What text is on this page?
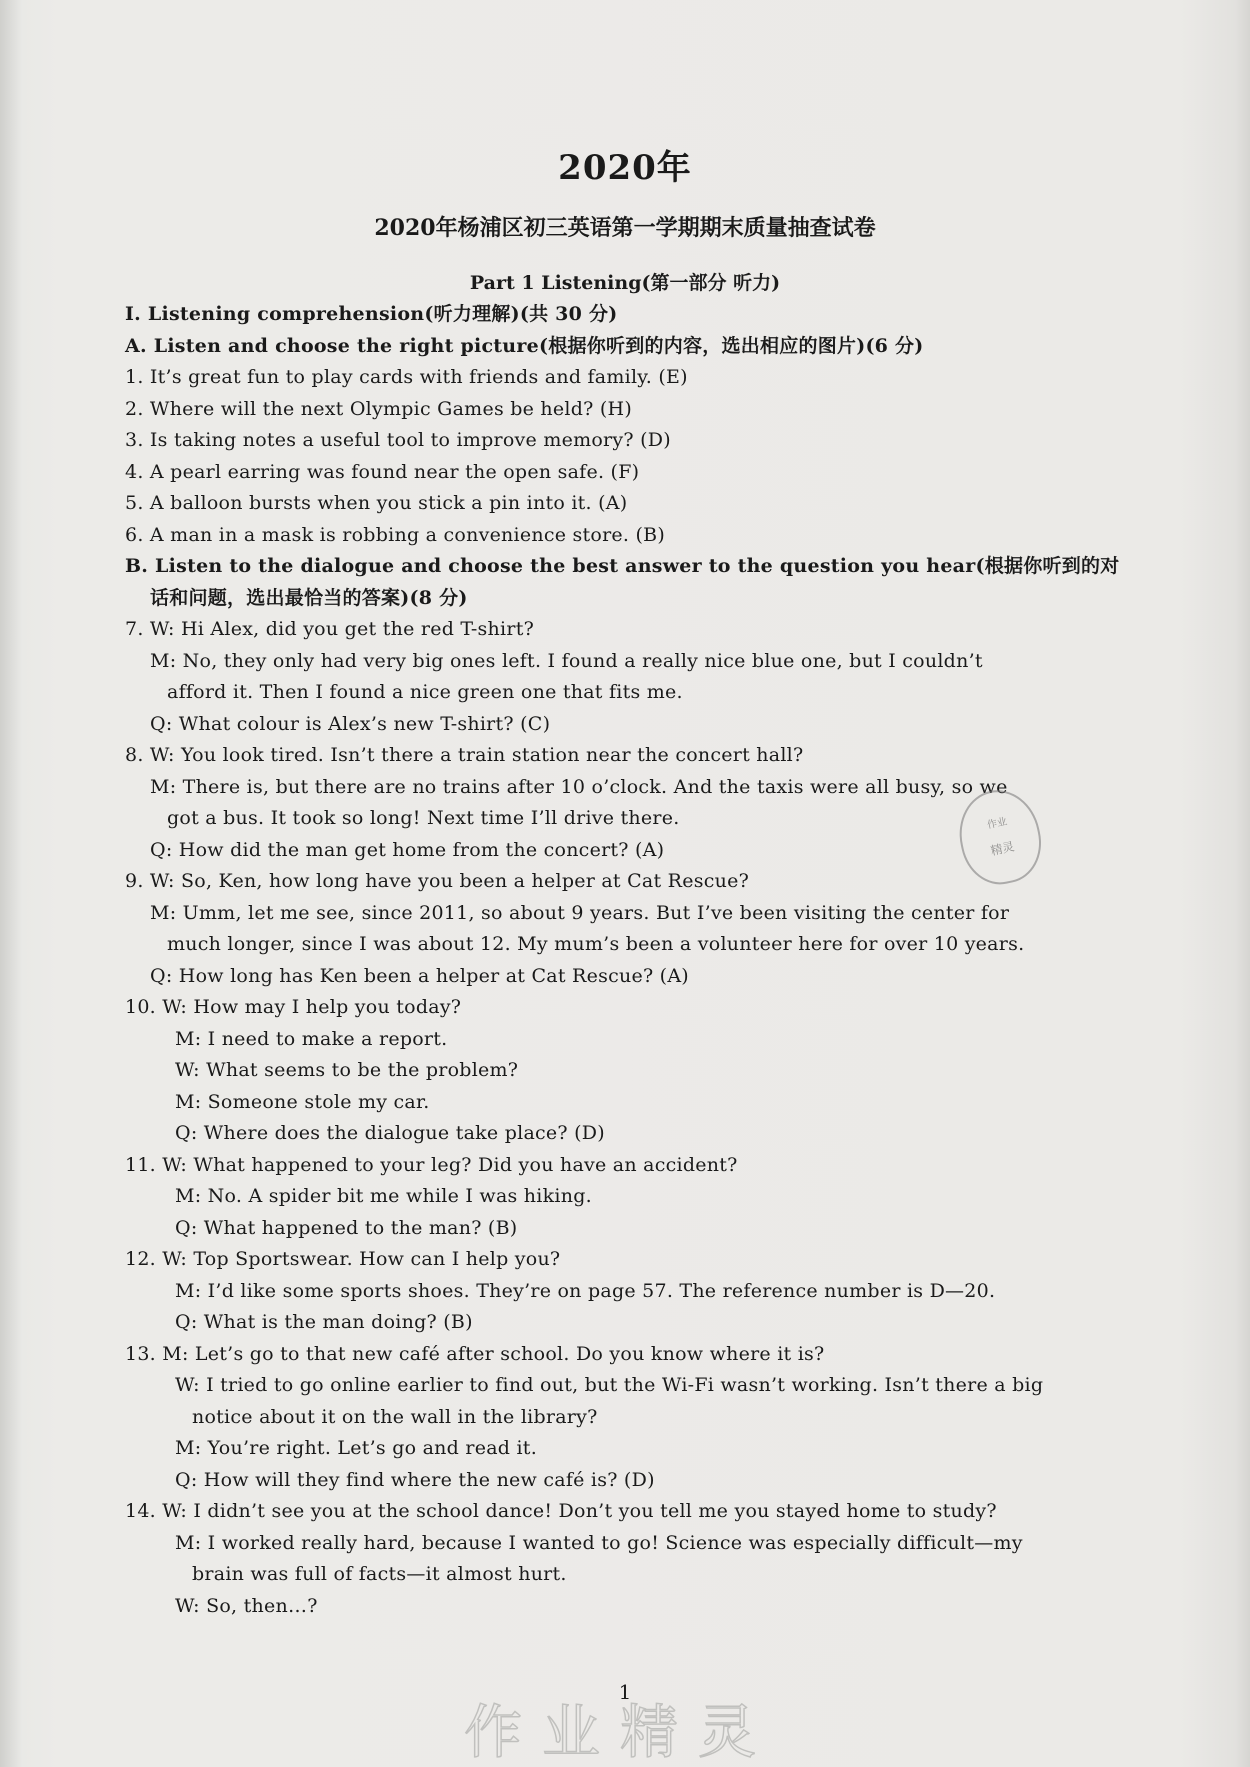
2020年
2020年杨浦区初三英语第一学期期末质量抽查试卷
Part 1 Listening(第一部分 听力)
Ⅰ. Listening comprehension(听力理解)(共 30 分)
A. Listen and choose the right picture(根据你听到的内容，选出相应的图片)(6 分)
1. It’s great fun to play cards with friends and family. (E)
2. Where will the next Olympic Games be held? (H)
3. Is taking notes a useful tool to improve memory? (D)
4. A pearl earring was found near the open safe. (F)
5. A balloon bursts when you stick a pin into it. (A)
6. A man in a mask is robbing a convenience store. (B)
B. Listen to the dialogue and choose the best answer to the question you hear(根据你听到的对
话和问题，选出最恰当的答案)(8 分)
7. W: Hi Alex, did you get the red T-shirt?
M: No, they only had very big ones left. I found a really nice blue one, but I couldn’t
afford it. Then I found a nice green one that fits me.
Q: What colour is Alex’s new T-shirt? (C)
8. W: You look tired. Isn’t there a train station near the concert hall?
M: There is, but there are no trains after 10 o’clock. And the taxis were all busy, so we
got a bus. It took so long! Next time I’ll drive there.
Q: How did the man get home from the concert? (A)
9. W: So, Ken, how long have you been a helper at Cat Rescue?
M: Umm, let me see, since 2011, so about 9 years. But I’ve been visiting the center for
much longer, since I was about 12. My mum’s been a volunteer here for over 10 years.
Q: How long has Ken been a helper at Cat Rescue? (A)
10. W: How may I help you today?
M: I need to make a report.
W: What seems to be the problem?
M: Someone stole my car.
Q: Where does the dialogue take place? (D)
11. W: What happened to your leg? Did you have an accident?
M: No. A spider bit me while I was hiking.
Q: What happened to the man? (B)
12. W: Top Sportswear. How can I help you?
M: I’d like some sports shoes. They’re on page 57. The reference number is D—20.
Q: What is the man doing? (B)
13. M: Let’s go to that new café after school. Do you know where it is?
W: I tried to go online earlier to find out, but the Wi-Fi wasn’t working. Isn’t there a big
notice about it on the wall in the library?
M: You’re right. Let’s go and read it.
Q: How will they find where the new café is? (D)
14. W: I didn’t see you at the school dance! Don’t you tell me you stayed home to study?
M: I worked really hard, because I wanted to go! Science was especially difficult—my
brain was full of facts—it almost hurt.
W: So, then…?
作业
精灵
1
作业精灵
